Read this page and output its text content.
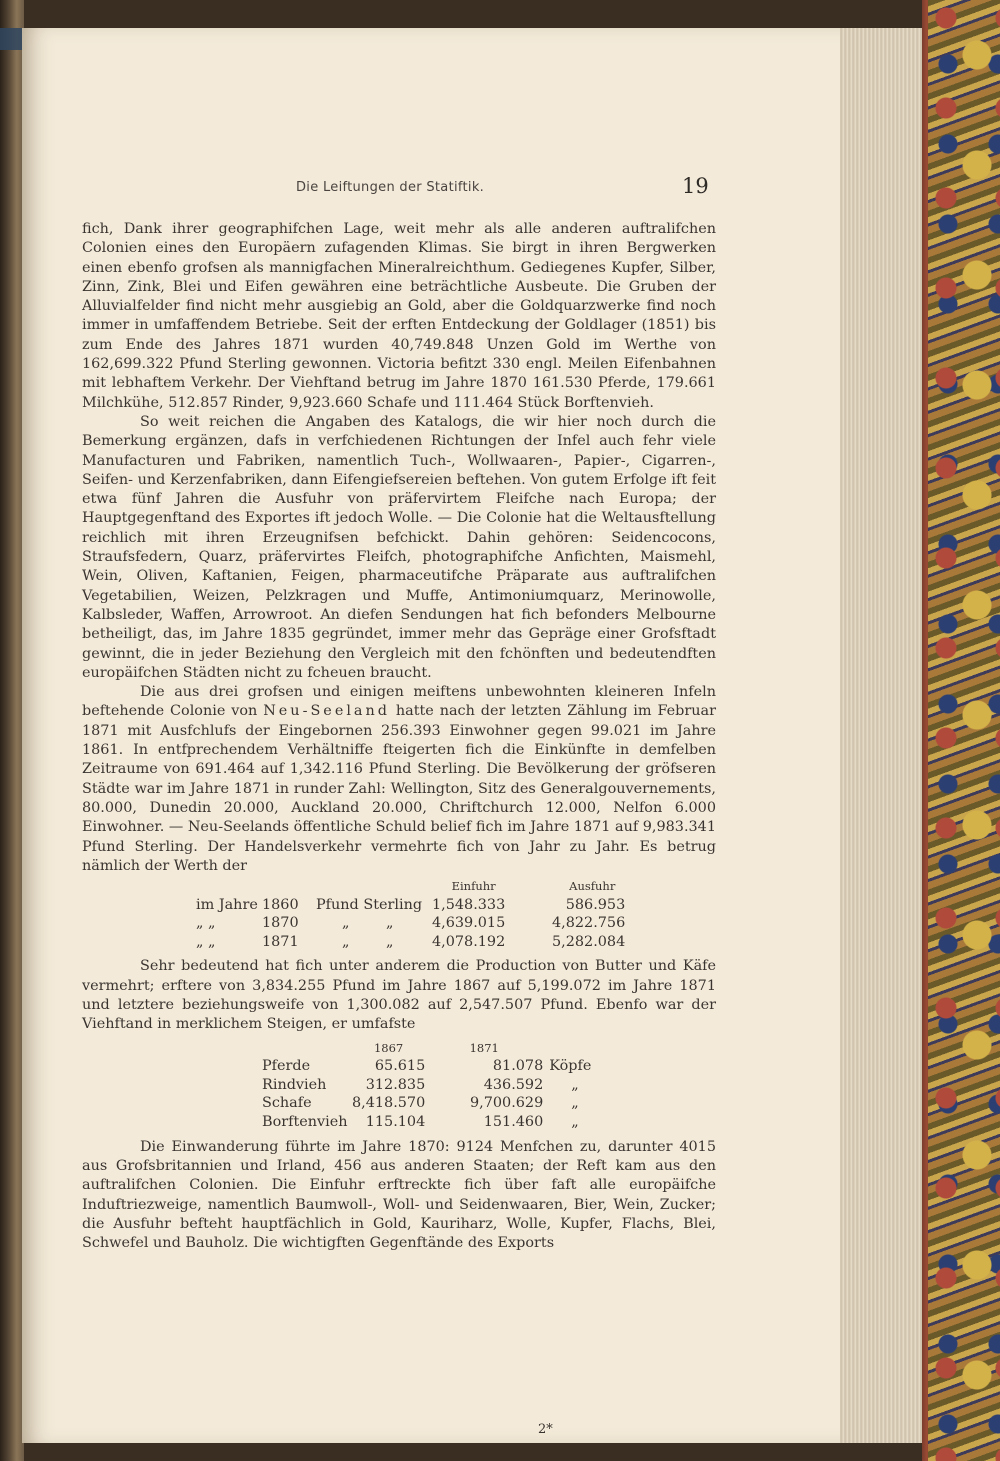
Die Leiftungen der Statiftik.	19

fich, Dank ihrer geographifchen Lage, weit mehr als alle anderen auftralifchen Colonien eines den Europäern zufagenden Klimas. Sie birgt in ihren Bergwerken einen ebenfo grofsen als mannigfachen Mineralreichthum. Gediegenes Kupfer, Silber, Zinn, Zink, Blei und Eifen gewähren eine beträchtliche Ausbeute. Die Gruben der Alluvialfelder find nicht mehr ausgiebig an Gold, aber die Goldquarzwerke find noch immer in umfaffendem Betriebe. Seit der erften Entdeckung der Goldlager (1851) bis zum Ende des Jahres 1871 wurden 40,749.848 Unzen Gold im Werthe von 162,699.322 Pfund Sterling gewonnen. Victoria befitzt 330 engl. Meilen Eifenbahnen mit lebhaftem Verkehr. Der Viehftand betrug im Jahre 1870 161.530 Pferde, 179.661 Milchkühe, 512.857 Rinder, 9,923.660 Schafe und 111.464 Stück Borftenvieh.

So weit reichen die Angaben des Katalogs, die wir hier noch durch die Bemerkung ergänzen, dafs in verfchiedenen Richtungen der Infel auch fehr viele Manufacturen und Fabriken, namentlich Tuch-, Wollwaaren-, Papier-, Cigarren-, Seifen- und Kerzenfabriken, dann Eifengiefsereien beftehen. Von gutem Erfolge ift feit etwa fünf Jahren die Ausfuhr von präfervirtem Fleifche nach Europa; der Hauptgegenftand des Exportes ift jedoch Wolle. — Die Colonie hat die Weltausftellung reichlich mit ihren Erzeugnifsen befchickt. Dahin gehören: Seidencocons, Straufsfedern, Quarz, präfervirtes Fleifch, photographifche Anfichten, Maismehl, Wein, Oliven, Kaftanien, Feigen, pharmaceutifche Präparate aus auftralifchen Vegetabilien, Weizen, Pelzkragen und Muffe, Antimoniumquarz, Merinowolle, Kalbsleder, Waffen, Arrowroot. An diefen Sendungen hat fich befonders Melbourne betheiligt, das, im Jahre 1835 gegründet, immer mehr das Gepräge einer Grofsftadt gewinnt, die in jeder Beziehung den Vergleich mit den fchönften und bedeutendften europäifchen Städten nicht zu fcheuen braucht.

Die aus drei grofsen und einigen meiftens unbewohnten kleineren Infeln beftehende Colonie von Neu-Seeland hatte nach der letzten Zählung im Februar 1871 mit Ausfchlufs der Eingebornen 256.393 Einwohner gegen 99.021 im Jahre 1861. In entfprechendem Verhältniffe fteigerten fich die Einkünfte in demfelben Zeitraume von 691.464 auf 1,342.116 Pfund Sterling. Die Bevölkerung der gröfseren Städte war im Jahre 1871 in runder Zahl: Wellington, Sitz des Generalgouvernements, 80.000, Dunedin 20.000, Auckland 20.000, Chriftchurch 12.000, Nelfon 6.000 Einwohner. — Neu-Seelands öffentliche Schuld belief fich im Jahre 1871 auf 9,983.341 Pfund Sterling. Der Handelsverkehr vermehrte fich von Jahr zu Jahr. Es betrug nämlich der Werth der

			Einfuhr	Ausfuhr
im Jahre	1860	Pfund Sterling	1,548.333	586.953
„ „	1870	„        „	4,639.015	4,822.756
„ „	1871	„        „	4,078.192	5,282.084

Sehr bedeutend hat fich unter anderem die Production von Butter und Käfe vermehrt; erftere von 3,834.255 Pfund im Jahre 1867 auf 5,199.072 im Jahre 1871 und letztere beziehungsweife von 1,300.082 auf 2,547.507 Pfund. Ebenfo war der Viehftand in merklichem Steigen, er umfafste

	1867	1871	
Pferde	65.615	81.078	Köpfe
Rindvieh	312.835	436.592	„
Schafe	8,418.570	9,700.629	„
Borftenvieh	115.104	151.460	„

Die Einwanderung führte im Jahre 1870: 9124 Menfchen zu, darunter 4015 aus Grofsbritannien und Irland, 456 aus anderen Staaten; der Reft kam aus den auftralifchen Colonien. Die Einfuhr erftreckte fich über faft alle europäifche Induftriezweige, namentlich Baumwoll-, Woll- und Seidenwaaren, Bier, Wein, Zucker; die Ausfuhr befteht hauptfächlich in Gold, Kauriharz, Wolle, Kupfer, Flachs, Blei, Schwefel und Bauholz. Die wichtigften Gegenftände des Exports

2*
